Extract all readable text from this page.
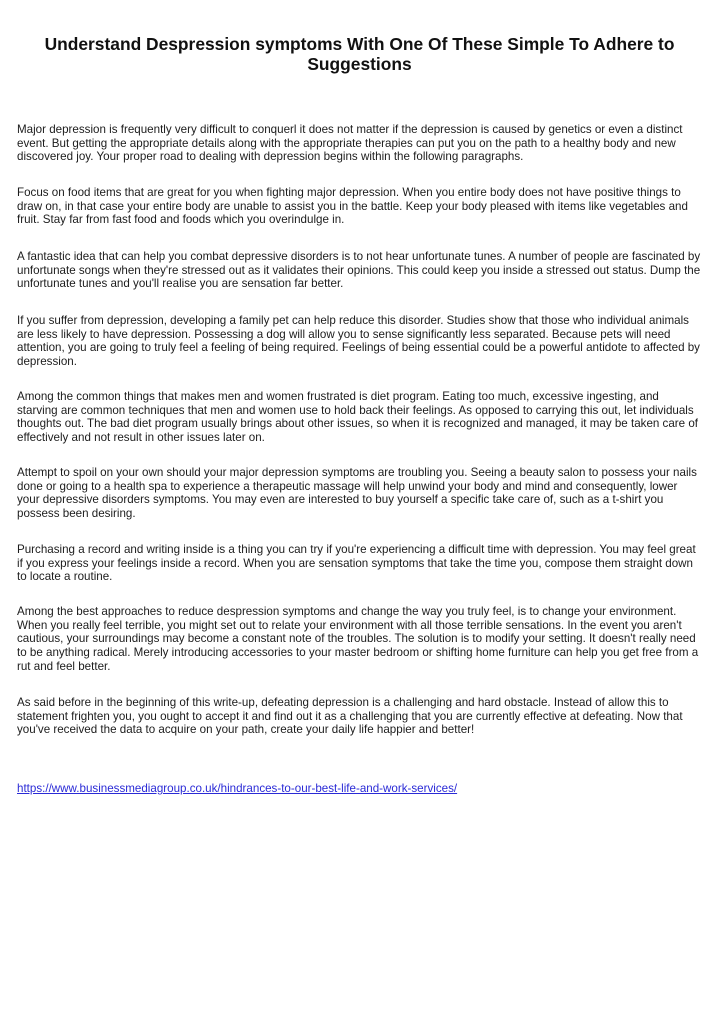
Understand Despression symptoms With One Of These Simple To Adhere to Suggestions

Major depression is frequently very difficult to conquerl it does not matter if the depression is caused by genetics or even a distinct event. But getting the appropriate details along with the appropriate therapies can put you on the path to a healthy body and new discovered joy. Your proper road to dealing with depression begins within the following paragraphs.

Focus on food items that are great for you when fighting major depression. When you entire body does not have positive things to draw on, in that case your entire body are unable to assist you in the battle. Keep your body pleased with items like vegetables and fruit. Stay far from fast food and foods which you overindulge in.

A fantastic idea that can help you combat depressive disorders is to not hear unfortunate tunes. A number of people are fascinated by unfortunate songs when they're stressed out as it validates their opinions. This could keep you inside a stressed out status. Dump the unfortunate tunes and you'll realise you are sensation far better.

If you suffer from depression, developing a family pet can help reduce this disorder. Studies show that those who individual animals are less likely to have depression. Possessing a dog will allow you to sense significantly less separated. Because pets will need attention, you are going to truly feel a feeling of being required. Feelings of being essential could be a powerful antidote to affected by depression.

Among the common things that makes men and women frustrated is diet program. Eating too much, excessive ingesting, and starving are common techniques that men and women use to hold back their feelings. As opposed to carrying this out, let individuals thoughts out. The bad diet program usually brings about other issues, so when it is recognized and managed, it may be taken care of effectively and not result in other issues later on.

Attempt to spoil on your own should your major depression symptoms are troubling you. Seeing a beauty salon to possess your nails done or going to a health spa to experience a therapeutic massage will help unwind your body and mind and consequently, lower your depressive disorders symptoms. You may even are interested to buy yourself a specific take care of, such as a t-shirt you possess been desiring.

Purchasing a record and writing inside is a thing you can try if you're experiencing a difficult time with depression. You may feel great if you express your feelings inside a record. When you are sensation symptoms that take the time you, compose them straight down to locate a routine.

Among the best approaches to reduce despression symptoms and change the way you truly feel, is to change your environment. When you really feel terrible, you might set out to relate your environment with all those terrible sensations. In the event you aren't cautious, your surroundings may become a constant note of the troubles. The solution is to modify your setting. It doesn't really need to be anything radical. Merely introducing accessories to your master bedroom or shifting home furniture can help you get free from a rut and feel better.

As said before in the beginning of this write-up, defeating depression is a challenging and hard obstacle. Instead of allow this to statement frighten you, you ought to accept it and find out it as a challenging that you are currently effective at defeating. Now that you've received the data to acquire on your path, create your daily life happier and better!

https://www.businessmediagroup.co.uk/hindrances-to-our-best-life-and-work-services/
